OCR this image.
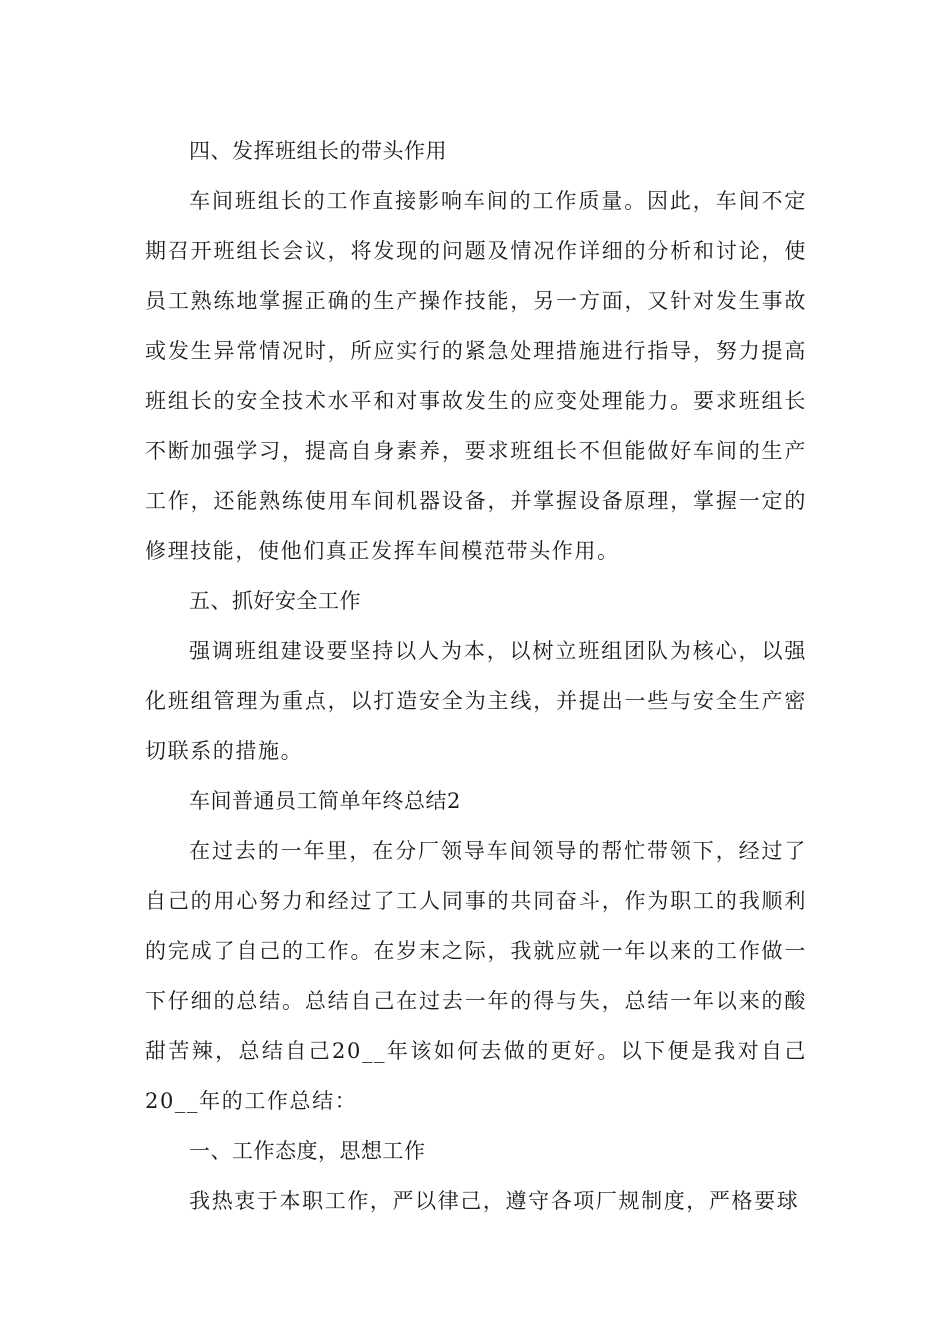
四、发挥班组长的带头作用

车间班组长的工作直接影响车间的工作质量。因此，车间不定期召开班组长会议，将发现的问题及情况作详细的分析和讨论，使员工熟练地掌握正确的生产操作技能，另一方面，又针对发生事故或发生异常情况时，所应实行的紧急处理措施进行指导，努力提高班组长的安全技术水平和对事故发生的应变处理能力。要求班组长不断加强学习，提高自身素养，要求班组长不但能做好车间的生产工作，还能熟练使用车间机器设备，并掌握设备原理，掌握一定的修理技能，使他们真正发挥车间模范带头作用。

五、抓好安全工作

强调班组建设要坚持以人为本，以树立班组团队为核心，以强化班组管理为重点，以打造安全为主线，并提出一些与安全生产密切联系的措施。

车间普通员工简单年终总结2

在过去的一年里，在分厂领导车间领导的帮忙带领下，经过了自己的用心努力和经过了工人同事的共同奋斗，作为职工的我顺利的完成了自己的工作。在岁末之际，我就应就一年以来的工作做一下仔细的总结。总结自己在过去一年的得与失，总结一年以来的酸甜苦辣，总结自己20__年该如何去做的更好。以下便是我对自己20__年的工作总结：

一、工作态度，思想工作

我热衷于本职工作，严以律己，遵守各项厂规制度，严格要球
